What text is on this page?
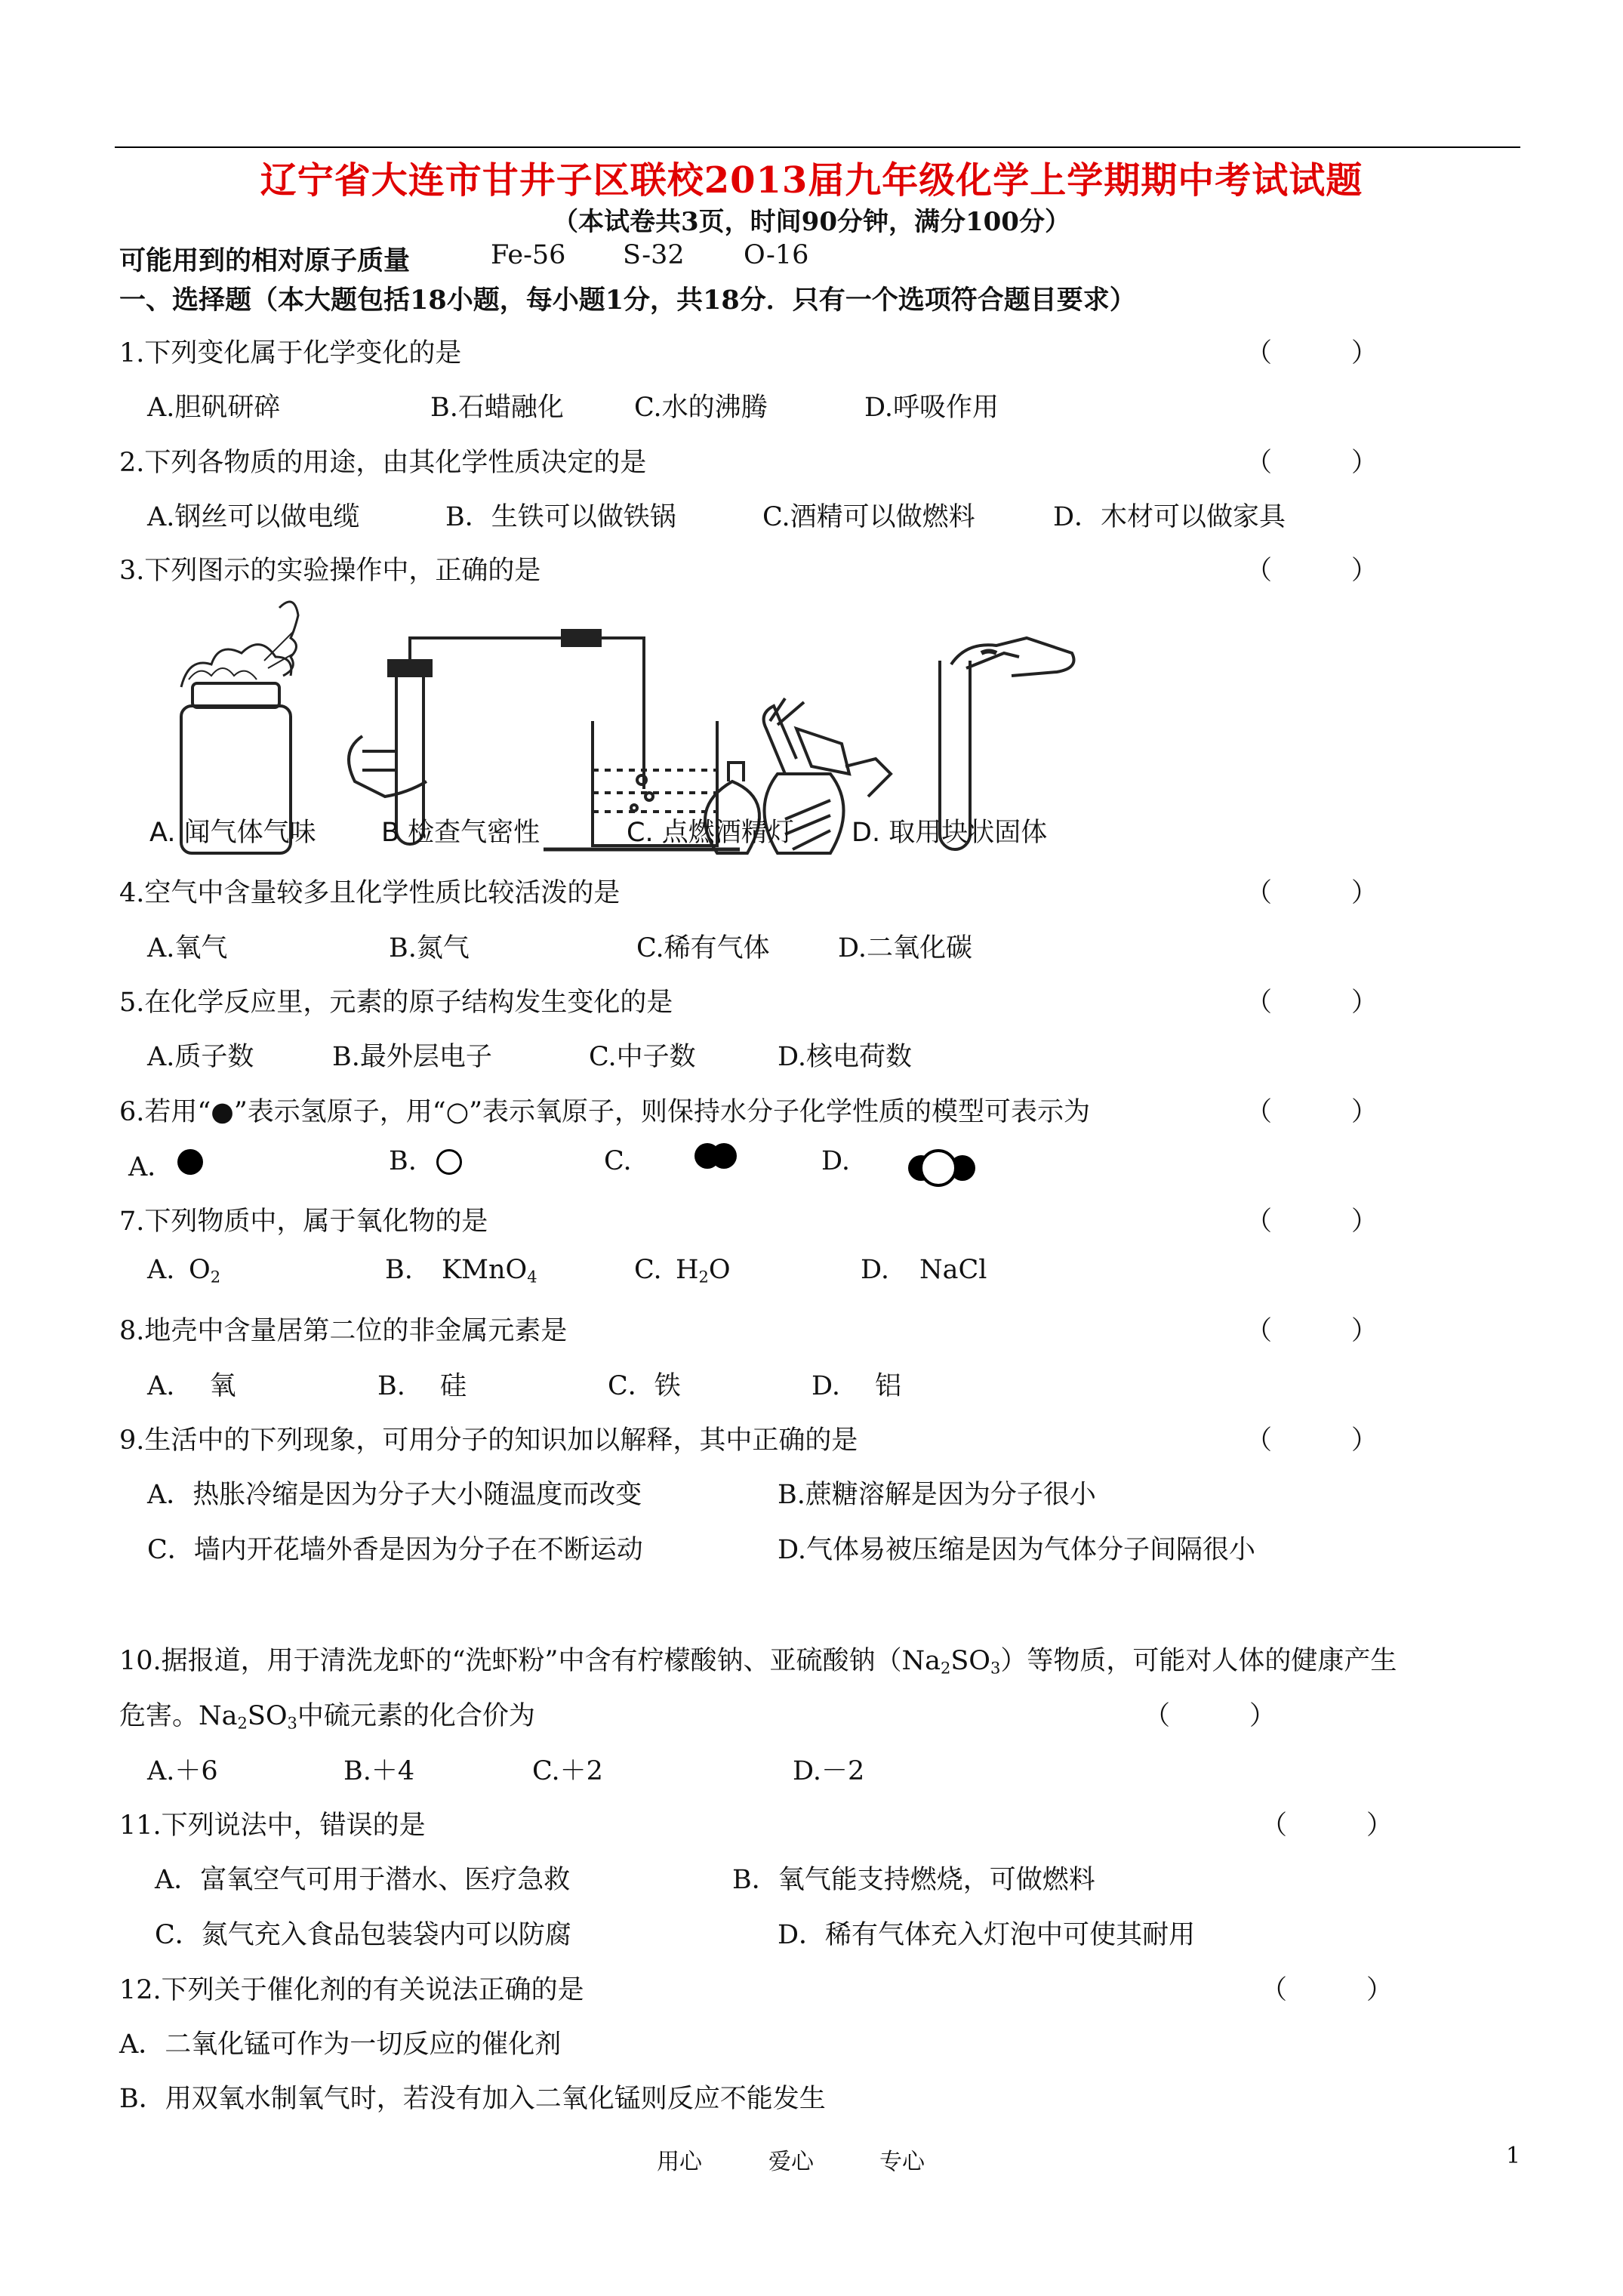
辽宁省大连市甘井子区联校2013届九年级化学上学期期中考试试题
（本试卷共3页，时间90分钟，满分100分）
可能用到的相对原子质量	Fe-56 S-32 O-16
一、选择题（本大题包括18小题，每小题1分，共18分．只有一个选项符合题目要求）
1.下列变化属于化学变化的是	（	）
A.胆矾研碎	B.石蜡融化	C.水的沸腾	D.呼吸作用
2.下列各物质的用途，由其化学性质决定的是	（	）
A.钢丝可以做电缆	B．生铁可以做铁锅	C.酒精可以做燃料	D．木材可以做家具
3.下列图示的实验操作中，正确的是	（	）
A. 闻气体气味 B 检查气密性	C. 点燃酒精灯 D. 取用块状固体
4.空气中含量较多且化学性质比较活泼的是	（	）
A.氧气	B.氮气	C.稀有气体	D.二氧化碳
5.在化学反应里，元素的原子结构发生变化的是	（	）
A.质子数	B.最外层电子	C.中子数	D.核电荷数
6.若用“●”表示氢原子，用“○”表示氧原子，则保持水分子化学性质的模型可表示为	（	）
A．	B.	C.	D.
7.下列物质中，属于氧化物的是	（	）
A. $O_2$	B. KMnO$_4$	C. $H_2O$	D. NaCl
8.地壳中含量居第二位的非金属元素是	（	）
A.　 氧	B.　 硅	C．铁	D.　 铝
9.生活中的下列现象，可用分子的知识加以解释，其中正确的是	（	）
A．热胀冷缩是因为分子大小随温度而改变	B.蔗糖溶解是因为分子很小
C．墙内开花墙外香是因为分子在不断运动	D.气体易被压缩是因为气体分子间隔很小
10.据报道，用于清洗龙虾的“洗虾粉”中含有柠檬酸钠、亚硫酸钠$(Na_2SO_3)$等物质，可能对人体的健康产生
危害。$Na_2SO_3$中硫元素的化合价为	（	）
A.＋6	B.＋4	C.＋2	D.－2
11.下列说法中，错误的是	（	）
A．富氧空气可用于潜水、医疗急救	B．氧气能支持燃烧，可做燃料
C．氮气充入食品包装袋内可以防腐	D．稀有气体充入灯泡中可使其耐用
12.下列关于催化剂的有关说法正确的是	（	）
A．二氧化锰可作为一切反应的催化剂
B．用双氧水制氧气时，若没有加入二氧化锰则反应不能发生
用心	爱心	专心	1
